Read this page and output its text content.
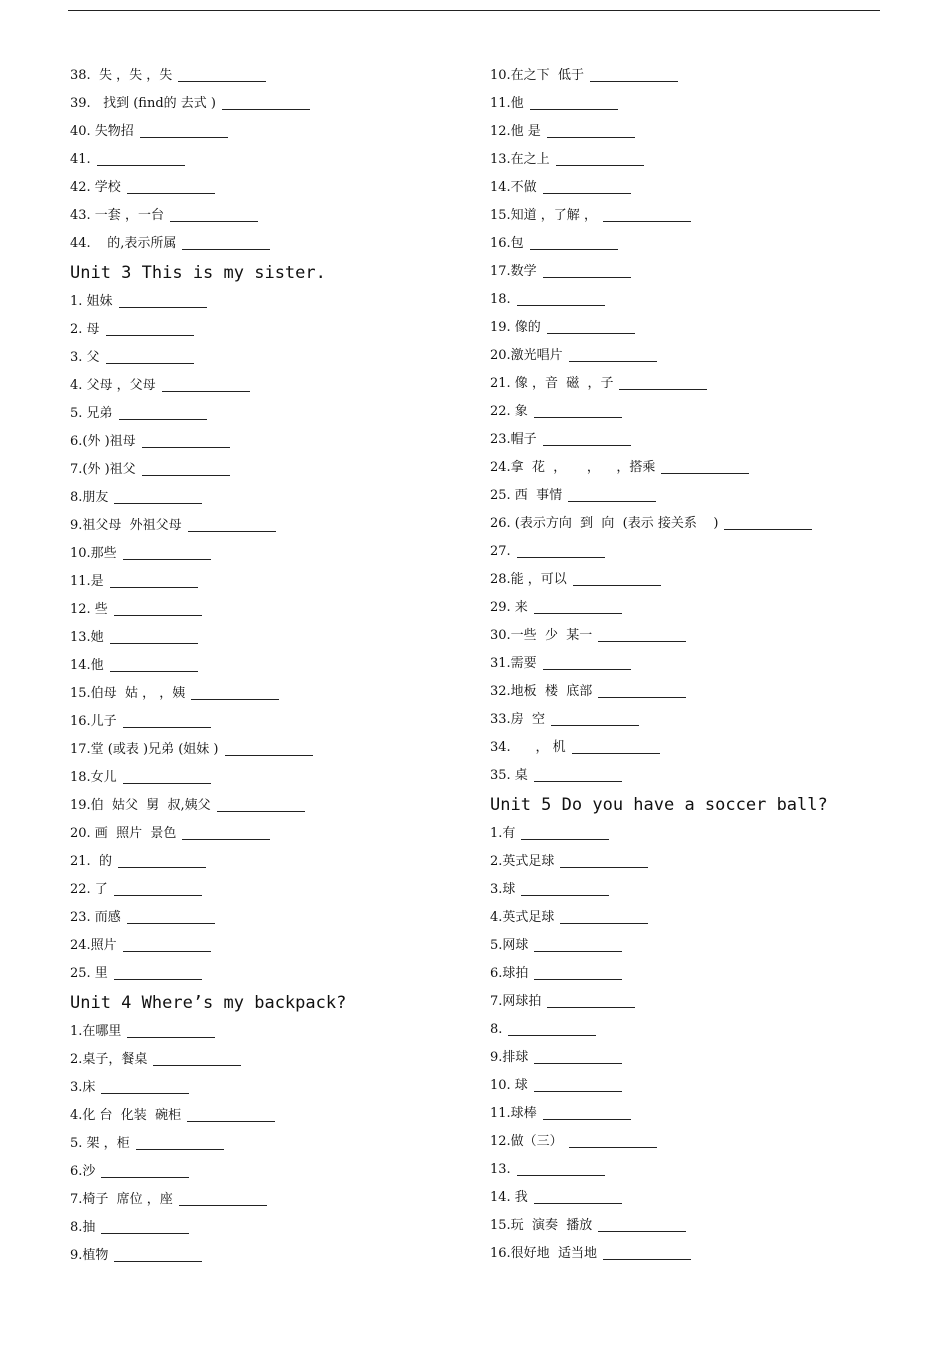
38.  失 ，失 ，失
39.   找到 (find的 去式 )
40. 失物招
41.
42. 学校
43. 一套 ，一台
44.    的,表示所属
Unit 3 This is my sister.
1. 姐妹
2. 母
3. 父
4. 父母 ，父母
5. 兄弟
6.(外 )祖母
7.(外 )祖父
8.朋友
9.祖父母  外祖父母
10.那些
11.是
12. 些
13.她
14.他
15.伯母  姑 ， ，姨
16.儿子
17.堂 (或表 )兄弟 (姐妹 )
18.女儿
19.伯  姑父  舅  叔,姨父
20. 画  照片  景色
21.  的
22. 了
23. 而感
24.照片
25. 里
Unit 4 Where’s my backpack?
1.在哪里
2.桌子，餐桌
3.床
4.化 台  化装  碗柜
5. 架 ，柜
6.沙
7.椅子  席位 ，座
8.抽
9.植物
10.在之下  低于
11.他
12.他 是
13.在之上
14.不做
15.知道 ，了解 ，
16.包
17.数学
18.
19. 像的
20.激光唱片
21. 像 ，音  磁  ，子
22. 象
23.帽子
24.拿  花  ，     ，    ，搭乘
25. 西  事情
26. (表示方向  到  向  (表示 接关系    )
27.
28.能 ，可以
29. 来
30.一些  少  某一
31.需要
32.地板  楼  底部
33.房  空
34.      ， 机
35. 桌
Unit 5 Do you have a soccer ball?
1.有
2.英式足球
3.球
4.英式足球
5.网球
6.球拍
7.网球拍
8.
9.排球
10. 球
11.球棒
12.做（三）
13.
14. 我
15.玩  演奏  播放
16.很好地  适当地
